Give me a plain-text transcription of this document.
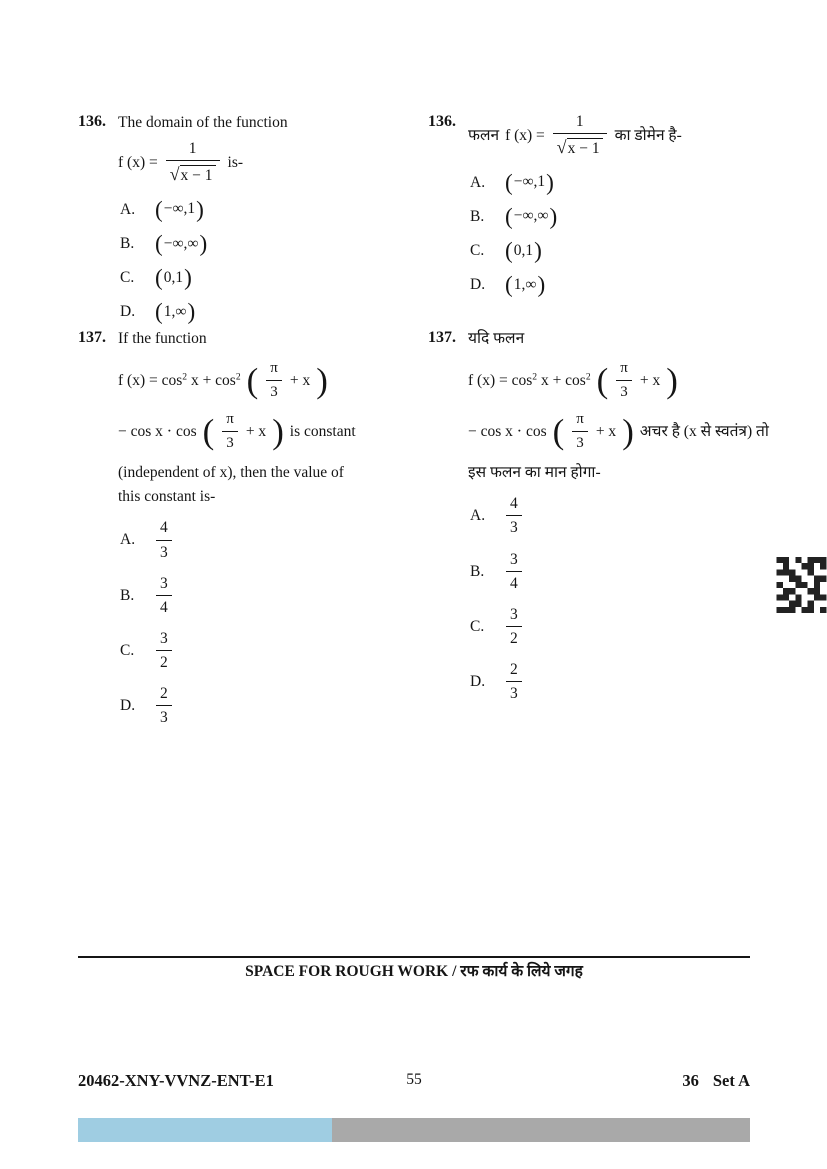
136. The domain of the function
f $(x) = \frac{1}{√x - 1} is-$
A. (−∞,1)
B. (−∞,∞)
C. (0,1)
D. (1,∞)
136.
फलन f $(x) = \frac{1}{√x - 1}$ का डोमेन है-
A. (−∞,1)
B. (−∞,∞)
C. (0,1)
D. (1,∞)
137. If the function
f $(x) = \cos^2 x + \cos^2$ ( $\frac{\pi}{3} + x$ )
− cos x ⋅ cos ( $\frac{\pi}{3} + x$ ) is constant
(independent of x), then the value of
this constant is-
A.	$\frac{4}{3}$
B.	$\frac{3}{4}$
C.	$\frac{3}{2}$
D.	$\frac{2}{3}$
137. यदि फलन
f $(x) = \cos^2 x + \cos^2$ ( $\frac{\pi}{3} + x$ )
− cos x ⋅ cos ( $\frac{\pi}{3} + x$ ) अचर है (x से स्वतंत्र) तो
इस फलन का मान होगा-
A.	$\frac{4}{3}$
B.	$\frac{3}{4}$
C.	$\frac{3}{2}$
D.	$\frac{2}{3}$
SPACE FOR ROUGH WORK / रफ कार्य के लिये जगह
20462-XNY-VVNZ-ENT-E1	55	36 Set A
